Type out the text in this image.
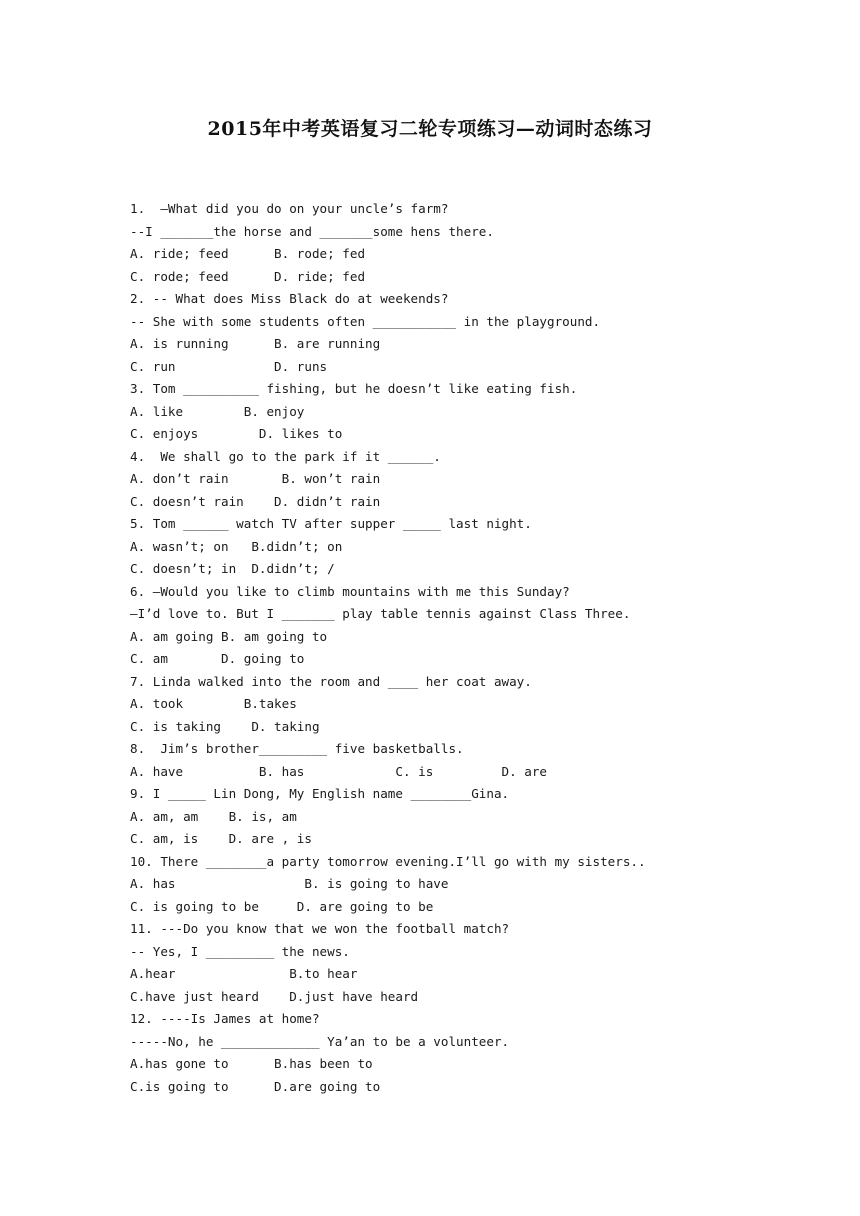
2015年中考英语复习二轮专项练习—动词时态练习
1.  –What did you do on your uncle’s farm?
--I _______the horse and _______some hens there.
A. ride; feed      B. rode; fed
C. rode; feed      D. ride; fed
2. -- What does Miss Black do at weekends?
-- She with some students often ___________ in the playground.
A. is running      B. are running
C. run             D. runs
3. Tom __________ fishing, but he doesn’t like eating fish.
A. like        B. enjoy
C. enjoys        D. likes to
4.  We shall go to the park if it ______.
A. don’t rain       B. won’t rain
C. doesn’t rain    D. didn’t rain
5. Tom ______ watch TV after supper _____ last night.
A. wasn’t; on   B.didn’t; on
C. doesn’t; in  D.didn’t; /
6. —Would you like to climb mountains with me this Sunday?
—I’d love to. But I _______ play table tennis against Class Three.
A. am going B. am going to
C. am       D. going to
7. Linda walked into the room and ____ her coat away.
A. took        B.takes
C. is taking    D. taking
8.  Jim’s brother_________ five basketballs.
A. have          B. has            C. is         D. are
9. I _____ Lin Dong, My English name ________Gina.
A. am, am    B. is, am
C. am, is    D. are , is
10. There ________a party tomorrow evening.I’ll go with my sisters..
A. has                 B. is going to have
C. is going to be     D. are going to be
11. ---Do you know that we won the football match?
-- Yes, I _________ the news.
A.hear               B.to hear
C.have just heard    D.just have heard
12. ----Is James at home?
-----No, he _____________ Ya’an to be a volunteer.
A.has gone to      B.has been to
C.is going to      D.are going to
